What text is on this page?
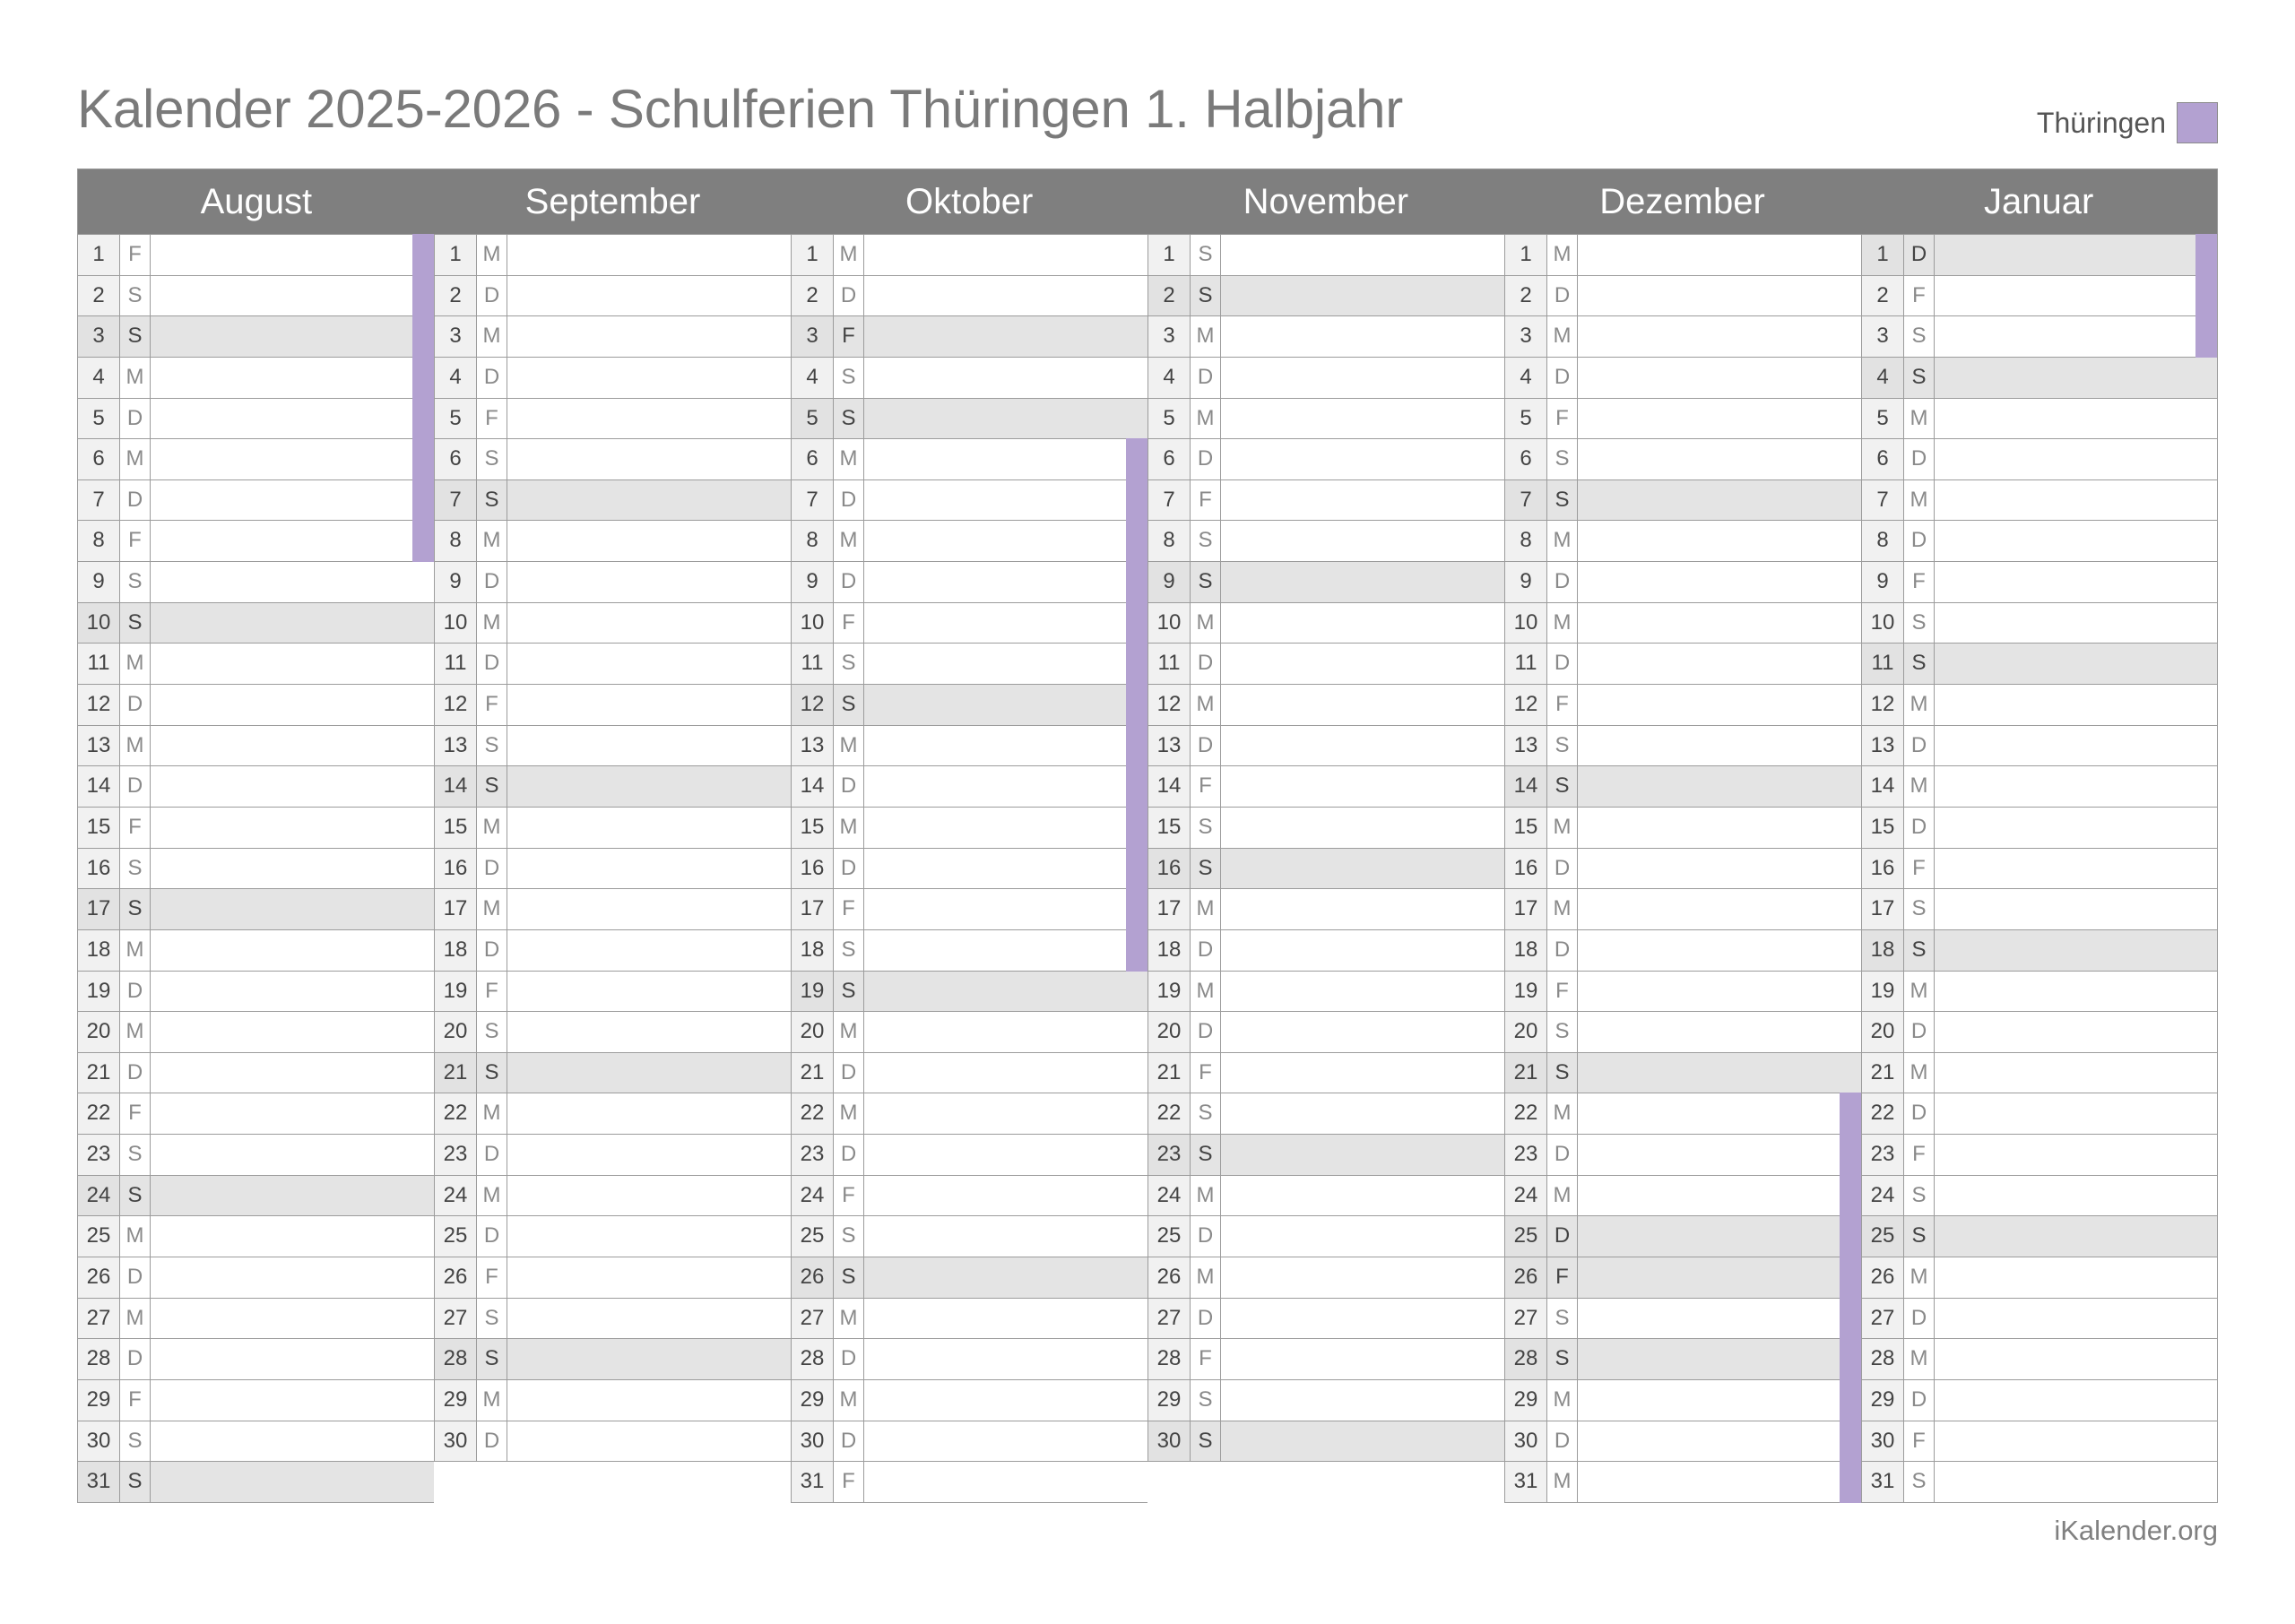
Kalender 2025-2026 - Schulferien Thüringen 1. Halbjahr	Thüringen
August	September	Oktober	November	Dezember	Januar
1	F
2	S
3	S
4 M
5	D
6 M
7	D
8	F
9	S
10 S
11 M
12 D
13 M
14 D
15 F
16 S
17 S
18 M
19 D
20 M
21 D
22 F
23 S
24 S
25 M
26 D
27 M
28 D
29 F
30 S
31 S
1 M
2	D
3 M
4	D
5	F
6	S
7	S
8 M
9	D
10 M
11 D
12 F
13 S
14 S
15 M
16 D
17 M
18 D
19 F
20 S
21 S
22 M
23 D
24 M
25 D
26 F
27 S
28 S
29 M
30 D
1 M
2	D
3	F
4	S
5	S
6 M
7	D
8 M
9	D
10 F
11 S
12 S
13 M
14 D
15 M
16 D
17 F
18 S
19 S
20 M
21 D
22 M
23 D
24 F
25 S
26 S
27 M
28 D
29 M
30 D
31 F
1	S
2	S
3 M
4	D
5 M
6	D
7	F
8	S
9	S
10 M
11 D
12 M
13 D
14 F
15 S
16 S
17 M
18 D
19 M
20 D
21 F
22 S
23 S
24 M
25 D
26 M
27 D
28 F
29 S
30 S
1 M
2	D
3 M
4	D
5	F
6	S
7	S
8 M
9	D
10 M
11 D
12 F
13 S
14 S
15 M
16 D
17 M
18 D
19 F
20 S
21 S
22 M
23 D
24 M
25 D
26 F
27 S
28 S
29 M
30 D
31 M
1	D
2	F
3	S
4	S
5 M
6	D
7 M
8	D
9	F
10 S
11 S
12 M
13 D
14 M
15 D
16 F
17 S
18 S
19 M
20 D
21 M
22 D
23 F
24 S
25 S
26 M
27 D
28 M
29 D
30 F
31 S
iKalender.org
